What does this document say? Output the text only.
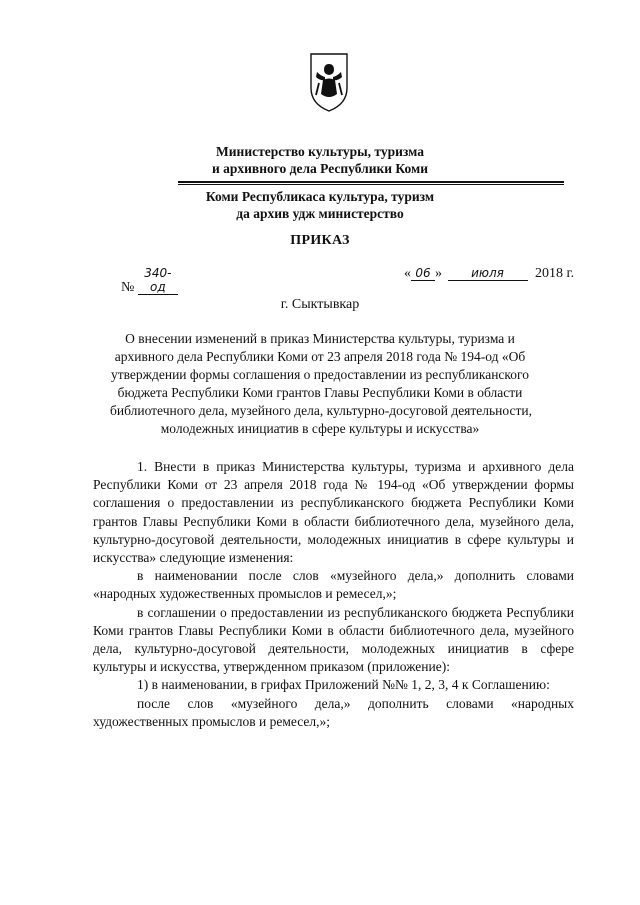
Министерство культуры, туризма
и архивного дела Республики Коми
Коми Республикаса культура, туризм
да архив удж министерство
ПРИКАЗ
№ 340-од
« 06 » июля 2018 г.
г. Сыктывкар
О внесении изменений в приказ Министерства культуры, туризма и
архивного дела Республики Коми от 23 апреля 2018 года № 194-од «Об
утверждении формы соглашения о предоставлении из республиканского
бюджета Республики Коми грантов Главы Республики Коми в области
библиотечного дела, музейного дела, культурно-досуговой деятельности,
молодежных инициатив в сфере культуры и искусства»

1. Внести в приказ Министерства культуры, туризма и архивного дела Республики Коми от 23 апреля 2018 года № 194-од «Об утверждении формы соглашения о предоставлении из республиканского бюджета Республики Коми грантов Главы Республики Коми в области библиотечного дела, музейного дела, культурно-досуговой деятельности, молодежных инициатив в сфере культуры и искусства» следующие изменения:

в наименовании после слов «музейного дела,» дополнить словами «народных художественных промыслов и ремесел,»;

в соглашении о предоставлении из республиканского бюджета Республики Коми грантов Главы Республики Коми в области библиотечного дела, музейного дела, культурно-досуговой деятельности, молодежных инициатив в сфере культуры и искусства, утвержденном приказом (приложение):

1) в наименовании, в грифах Приложений №№ 1, 2, 3, 4 к Соглашению:

после слов «музейного дела,» дополнить словами «народных художественных промыслов и ремесел,»;
